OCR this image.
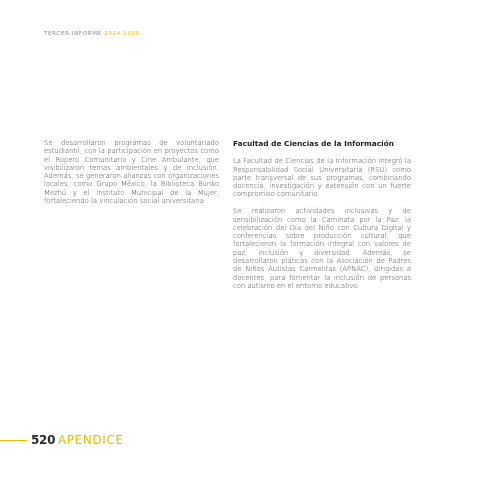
TERCER INFORME 2024-2025

Se desarrollaron programas de voluntariado estudiantil, con la participación en proyectos como el Ropero Comunitario y Cine Ambulante, que visibilizaron temas ambientales y de inclusión. Además, se generaron alianzas con organizaciones locales, como Grupo México, la Biblioteca Bunko Mezhú y el Instituto Municipal de la Mujer, fortaleciendo la vinculación social universitaria

Facultad de Ciencias de la Información

La Facultad de Ciencias de la Información integró la Responsabilidad Social Universitaria (RSU) como parte transversal de sus programas, combinando docencia, investigación y extensión con un fuerte compromiso comunitario.

Se realizaron actividades inclusivas y de sensibilización como la Caminata por la Paz, la celebración del Día del Niño con Cultura Digital y conferencias sobre producción cultural, que fortalecieron la formación integral con valores de paz, inclusión y diversidad. Además, se desarrollaron pláticas con la Asociación de Padres de Niños Autistas Carmelitas (APNAC), dirigidas a docentes, para fomentar la inclusión de personas con autismo en el entorno educativo.

520 APENDICE
